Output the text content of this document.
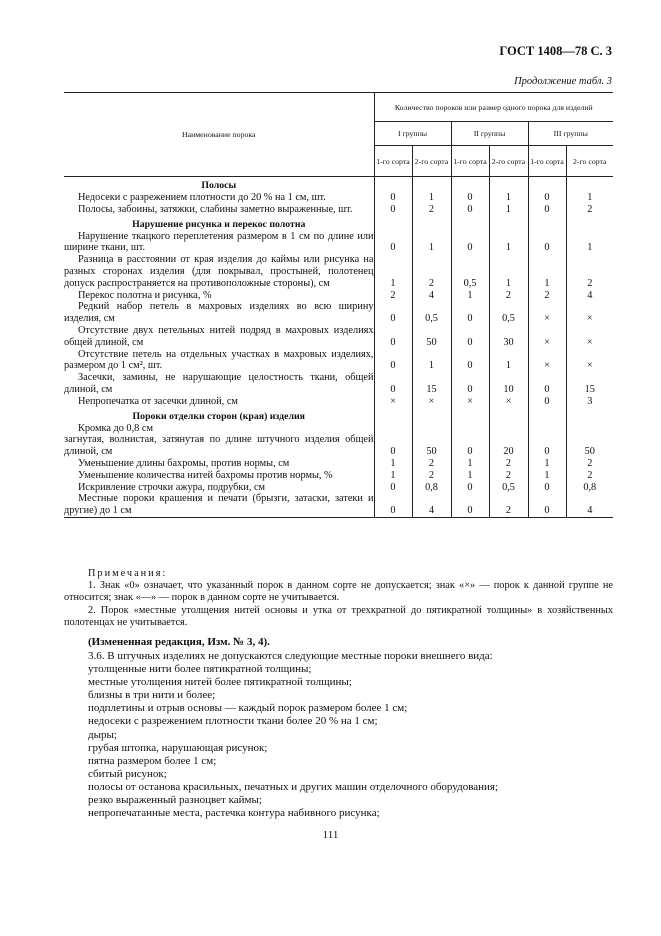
ГОСТ 1408—78 С. 3
Продолжение табл. 3
Наименование порока	Количество пороков или размер одного порока для изделий					
	I группы		II группы		III группы	
	1-го сорта	2-го сорта	1-го сорта	2-го сорта	1-го сорта	2-го сорта
Полосы						
Недосеки с разрежением плотности до 20 % на 1 см, шт.	0	1	0	1	0	1
Полосы, забоины, затяжки, слабины заметно выраженные, шт.	0	2	0	1	0	2
Нарушение рисунка и перекос полотна						
Нарушение ткацкого переплетения размером в 1 см по длине или ширине ткани, шт.	0	1	0	1	0	1
Разница в расстоянии от края изделия до каймы или рисунка на разных сторонах изделия (для покрывал, простыней, полотенец допуск распространяется на противоположные стороны), см	1	2	0,5	1	1	2
Перекос полотна и рисунка, %	2	4	1	2	2	4
Редкий набор петель в махровых изделиях во всю ширину изделия, см	0	0,5	0	0,5	×	×
Отсутствие двух петельных нитей подряд в махровых изделиях общей длиной, см	0	50	0	30	×	×
Отсутствие петель на отдельных участках в махровых изделиях, размером до 1 см², шт.	0	1	0	1	×	×
Засечки, замины, не нарушающие целостность ткани, общей длиной, см	0	15	0	10	0	15
Непропечатка от засечки длиной, см	×	×	×	×	0	3
Пороки отделки сторон (края) изделия						
Кромка до 0,8 см						
загнутая, волнистая, затянутая по длине штучного изделия общей длиной, см	0	50	0	20	0	50
Уменьшение длины бахромы, против нормы, см	1	2	1	2	1	2
Уменьшение количества нитей бахромы против нормы, %	1	2	1	2	1	2
Искривление строчки ажура, подрубки, см	0	0,8	0	0,5	0	0,8
Местные пороки крашения и печати (брызги, затаски, затеки и другие) до 1 см	0	4	0	2	0	4
Примечания:

1. Знак «0» означает, что указанный порок в данном сорте не допускается; знак «×» — порок к данной группе не относится; знак «—» — порок в данном сорте не учитывается.

2. Порок «местные утолщения нитей основы и утка от трехкратной до пятикратной толщины» в хозяйственных полотенцах не учитывается.

(Измененная редакция, Изм. № 3, 4).

3.6. В штучных изделиях не допускаются следующие местные пороки внешнего вида:

утолщенные нити более пятикратной толщины;
местные утолщения нитей более пятикратной толщины;
близны в три нити и более;
подплетины и отрыв основы — каждый порок размером более 1 см;
недосеки с разрежением плотности ткани более 20 % на 1 см;
дыры;
грубая штопка, нарушающая рисунок;
пятна размером более 1 см;
сбитый рисунок;
полосы от останова красильных, печатных и других машин отделочного оборудования;
резко выраженный разноцвет каймы;
непропечатанные места, растечка контура набивного рисунка;
111
